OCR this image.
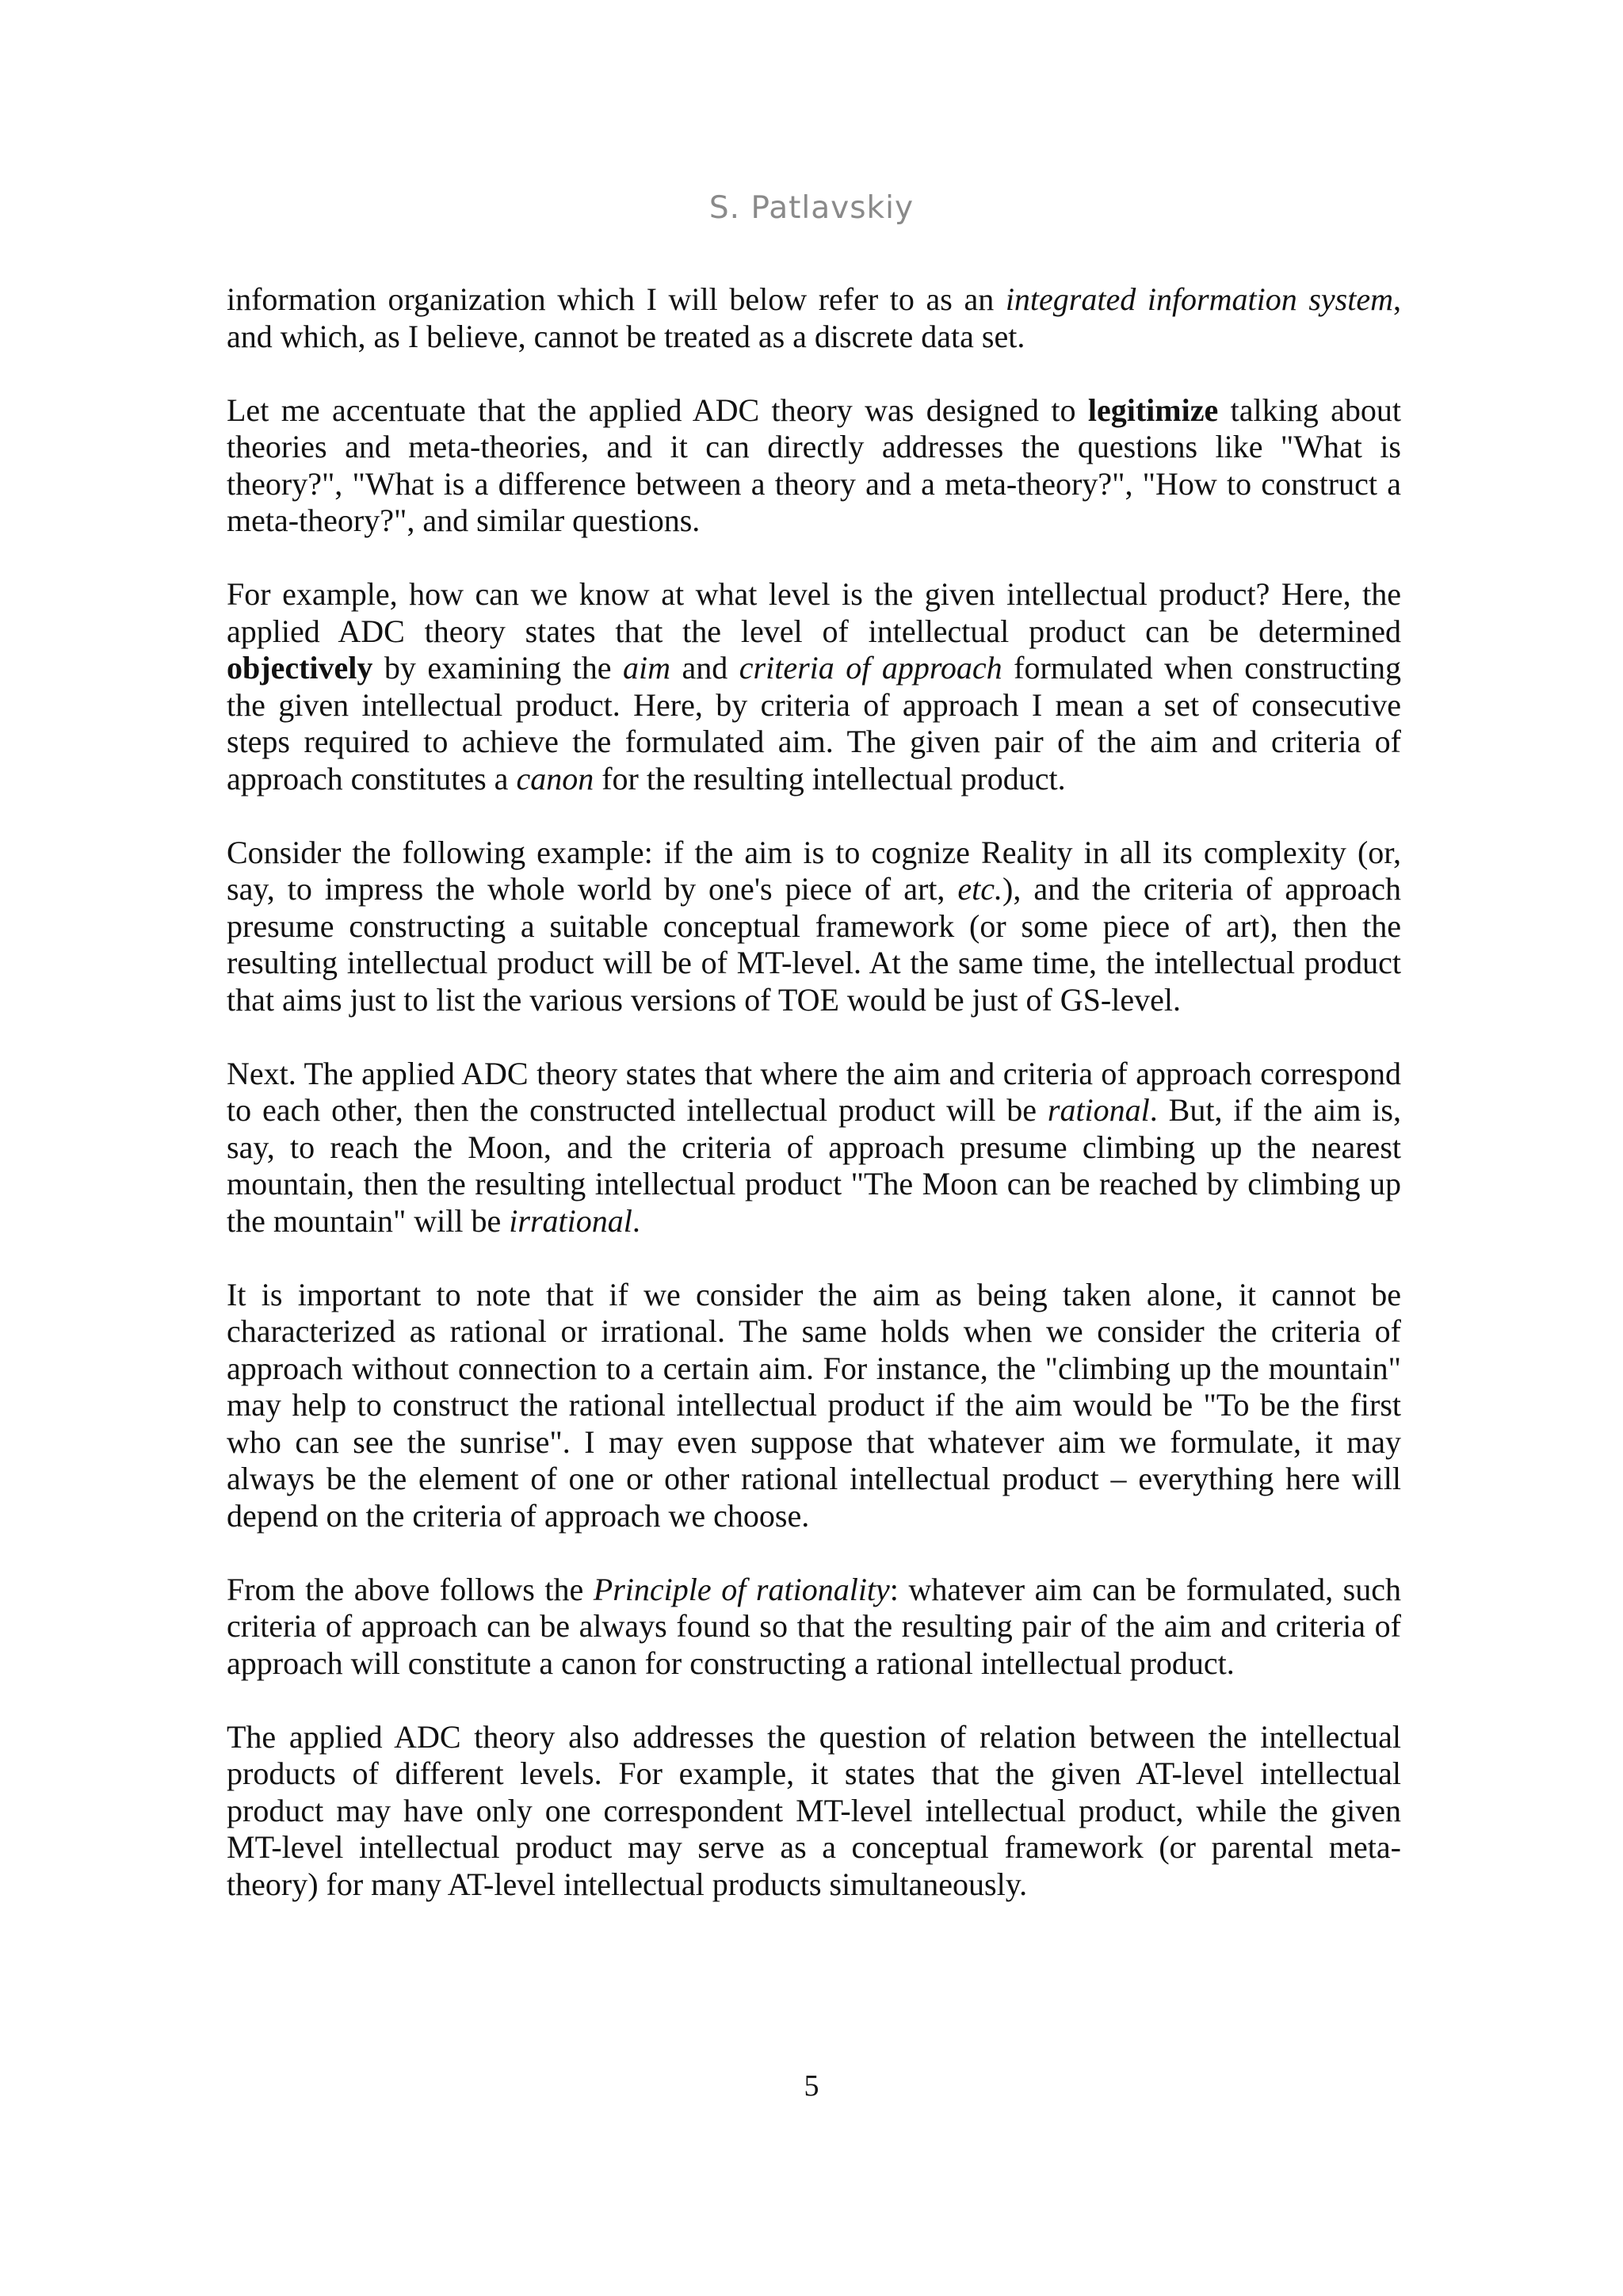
S. Patlavskiy

information organization which I will below refer to as an integrated information system, and which, as I believe, cannot be treated as a discrete data set.

Let me accentuate that the applied ADC theory was designed to legitimize talking about theories and meta-theories, and it can directly addresses the questions like "What is theory?", "What is a difference between a theory and a meta-theory?", "How to construct a meta-theory?", and similar questions.

For example, how can we know at what level is the given intellectual product? Here, the applied ADC theory states that the level of intellectual product can be determined objectively by examining the aim and criteria of approach formulated when constructing the given intellectual product. Here, by criteria of approach I mean a set of consecutive steps required to achieve the formulated aim. The given pair of the aim and criteria of approach constitutes a canon for the resulting intellectual product.

Consider the following example: if the aim is to cognize Reality in all its complexity (or, say, to impress the whole world by one's piece of art, etc.), and the criteria of approach presume constructing a suitable conceptual framework (or some piece of art), then the resulting intellectual product will be of MT-level. At the same time, the intellectual product that aims just to list the various versions of TOE would be just of GS-level.

Next. The applied ADC theory states that where the aim and criteria of approach correspond to each other, then the constructed intellectual product will be rational. But, if the aim is, say, to reach the Moon, and the criteria of approach presume climbing up the nearest mountain, then the resulting intellectual product "The Moon can be reached by climbing up the mountain" will be irrational.

It is important to note that if we consider the aim as being taken alone, it cannot be characterized as rational or irrational. The same holds when we consider the criteria of approach without connection to a certain aim. For instance, the "climbing up the mountain" may help to construct the rational intellectual product if the aim would be "To be the first who can see the sunrise". I may even suppose that whatever aim we formulate, it may always be the element of one or other rational intellectual product – everything here will depend on the criteria of approach we choose.

From the above follows the Principle of rationality: whatever aim can be formulated, such criteria of approach can be always found so that the resulting pair of the aim and criteria of approach will constitute a canon for constructing a rational intellectual product.

The applied ADC theory also addresses the question of relation between the intellectual products of different levels. For example, it states that the given AT-level intellectual product may have only one correspondent MT-level intellectual product, while the given MT-level intellectual product may serve as a conceptual framework (or parental meta-theory) for many AT-level intellectual products simultaneously.

5
